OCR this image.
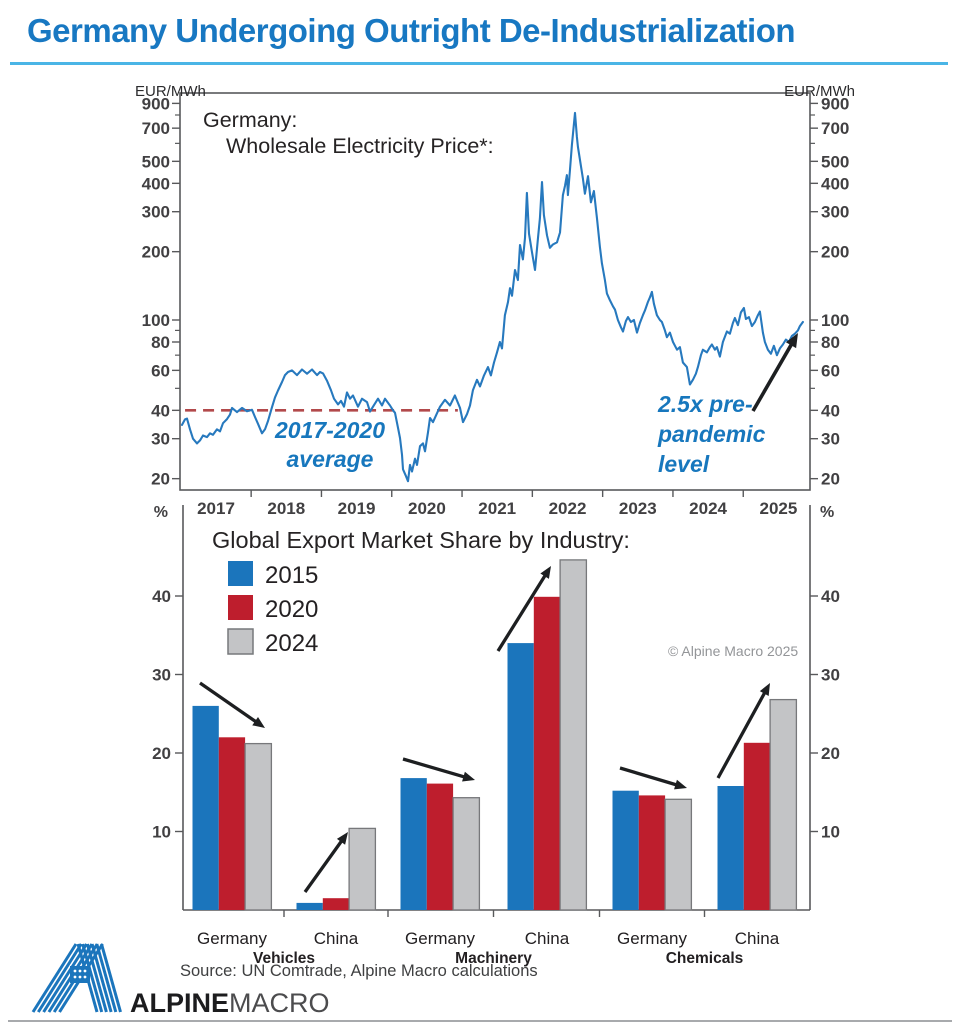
Germany Undergoing Outright De-Industrialization
EUR/MWh	EUR/MWh
900	900
700	700
500	500
400	400
300	300
200	200
100	100
80	80
60	60
40	40
30	30
20	20
2017 2018 2019 2020 2021 2022 2023 2024 2025
Germany:
Wholesale Electricity Price*:
2017-2020
average
2.5x pre-
pandemic
level
%	%
10	10
20	20
30	30
40	40
Global Export Market Share by Industry:
2015
2020
2024
Germany	China
Vehicles
Germany	China
Machinery
Germany	China
Chemicals
© Alpine Macro 2025
Source: UN Comtrade, Alpine Macro calculations
ALPINEMACRO
